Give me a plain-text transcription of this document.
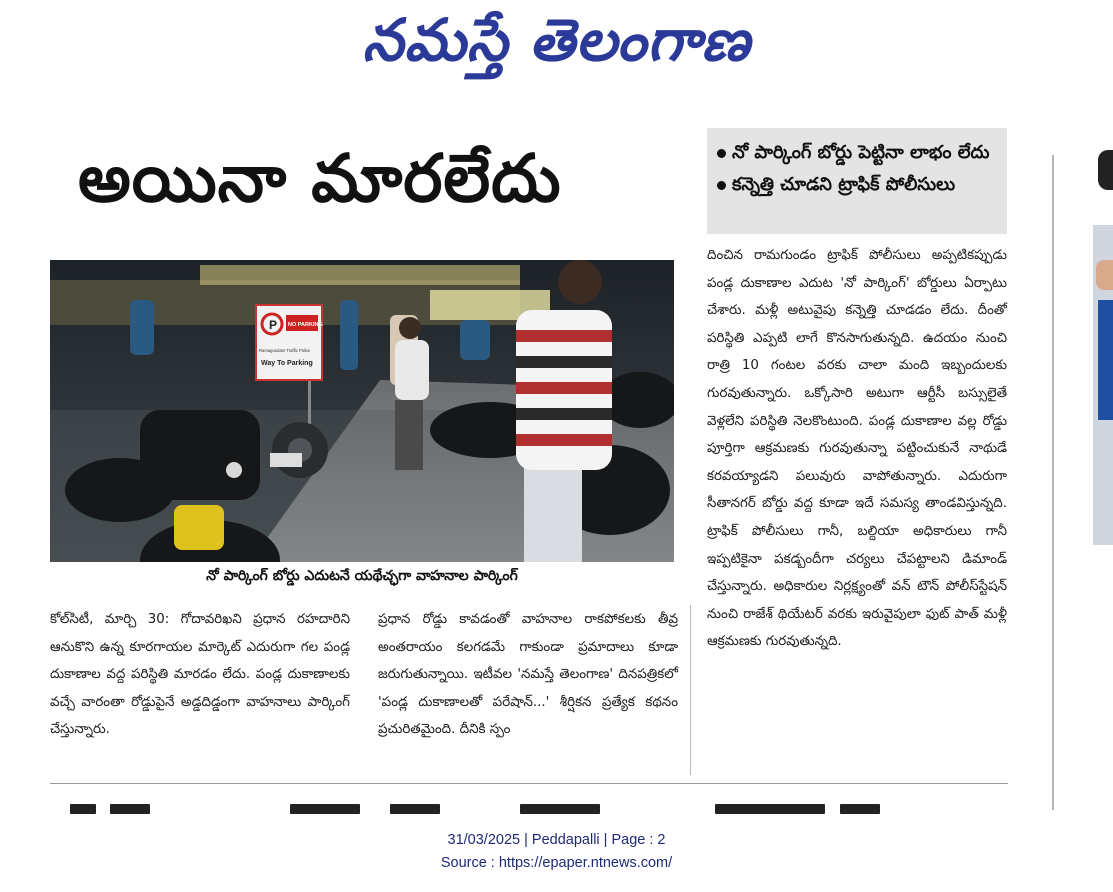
నమస్తే తెలంగాణ
అయినా మారలేదు	నో పార్కింగ్‌ బోర్డు పెట్టినా లాభం లేదు
కన్నెత్తి చూడని ట్రాఫిక్‌ పోలీసులు
P NO PARKING
Ramagundam Traffic Police
Way To Parking
నో పార్కింగ్‌ బోర్డు ఎదుటనే యథేచ్ఛగా వాహనాల పార్కింగ్‌

కోల్‌సిటీ, మార్చి 30: గోదావరిఖని ప్రధాన రహదారిని ఆనుకొని ఉన్న కూరగాయల మార్కెట్‌ ఎదురుగా గల పండ్ల దుకాణాల వద్ద పరిస్థితి మారడం లేదు. పండ్ల దుకాణాలకు వచ్చే వారంతా రోడ్డుపైనే అడ్డదిడ్డంగా వాహనాలు పార్కింగ్‌ చేస్తున్నారు.

ప్రధాన రోడ్డు కావడంతో వాహనాల రాకపోకలకు తీవ్ర అంతరాయం కలగడమే గాకుండా ప్రమాదాలు కూడా జరుగుతున్నాయి. ఇటీవల 'నమస్తే తెలంగాణ' దినపత్రికలో 'పండ్ల దుకాణాలతో పరేషాన్‌...' శీర్షికన ప్రత్యేక కథనం ప్రచురితమైంది. దీనికి స్పం

దించిన రామగుండం ట్రాఫిక్‌ పోలీసులు అప్పటికప్పుడు పండ్ల దుకాణాల ఎదుట 'నో పార్కింగ్‌' బోర్డులు ఏర్పాటు చేశారు. మళ్లీ అటువైపు కన్నెత్తి చూడడం లేదు. దీంతో పరిస్థితి ఎప్పటి లాగే కొనసాగుతున్నది. ఉదయం నుంచి రాత్రి 10 గంటల వరకు చాలా మంది ఇబ్బందులకు గురవుతున్నారు. ఒక్కోసారి అటుగా ఆర్టీసీ బస్సులైతే వెళ్లలేని పరిస్థితి నెలకొంటుంది. పండ్ల దుకాణాల వల్ల రోడ్డు పూర్తిగా ఆక్రమణకు గురవుతున్నా పట్టించుకునే నాథుడే కరవయ్యాడని పలువురు వాపోతున్నారు. ఎదురుగా సీతానగర్‌ బోర్డు వద్ద కూడా ఇదే సమస్య తాండవిస్తున్నది. ట్రాఫిక్‌ పోలీసులు గానీ, బల్దియా అధికారులు గానీ ఇప్పటికైనా పకడ్బందీగా చర్యలు చేపట్టాలని డిమాండ్‌ చేస్తున్నారు. అధికారుల నిర్లక్ష్యంతో వన్‌ టౌన్‌ పోలీస్‌స్టేషన్‌ నుంచి రాజేశ్‌ థియేటర్‌ వరకు ఇరువైపులా ఫుట్‌ పాత్‌ మళ్లీ ఆక్రమణకు గురవుతున్నది.

31/03/2025 | Peddapalli | Page : 2
Source : https://epaper.ntnews.com/
